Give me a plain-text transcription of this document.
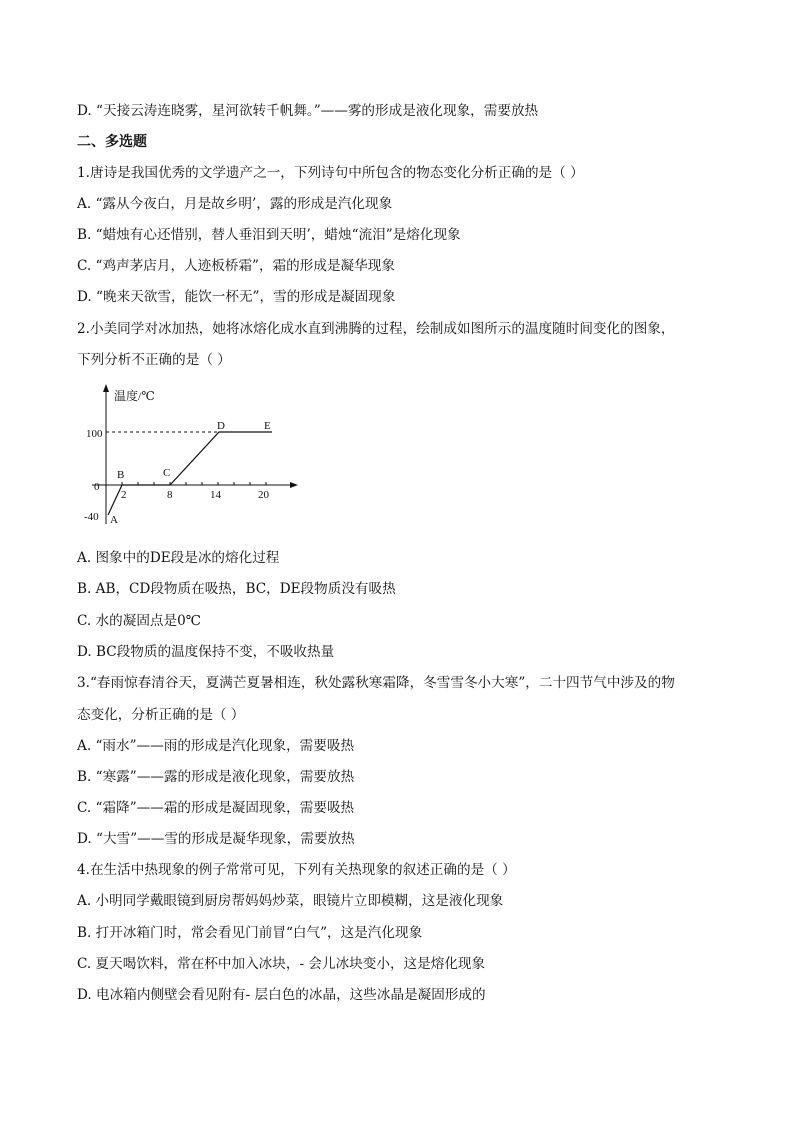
D. “天接云涛连晓雾，星河欲转千帆舞。”——雾的形成是液化现象，需要放热
二、多选题
1.唐诗是我国优秀的文学遗产之一，下列诗句中所包含的物态变化分析正确的是（ ）
A. “露从今夜白，月是故乡明’，露的形成是汽化现象
B. “蜡烛有心还惜别，替人垂泪到天明’，蜡烛“流泪”是熔化现象
C. “鸡声茅店月，人迹板桥霜”，霜的形成是凝华现象
D. “晚来天欲雪，能饮一杯无”，雪的形成是凝固现象
2.小美同学对冰加热，她将冰熔化成水直到沸腾的过程，绘制成如图所示的温度随时间变化的图象，
下列分析不正确的是（ ）
温度/℃
100
0
-40
2	8	14	20
A
B	C
D	E
A. 图象中的DE段是冰的熔化过程
B. AB，CD段物质在吸热，BC，DE段物质没有吸热
C. 水的凝固点是0℃
D. BC段物质的温度保持不变，不吸收热量
3.“春雨惊春清谷天，夏满芒夏暑相连，秋处露秋寒霜降，冬雪雪冬小大寒”，二十四节气中涉及的物
态变化，分析正确的是（ ）
A. “雨水”——雨的形成是汽化现象，需要吸热
B. “寒露”——露的形成是液化现象，需要放热
C. “霜降”——霜的形成是凝固现象，需要吸热
D. “大雪”——雪的形成是凝华现象，需要放热
4.在生活中热现象的例子常常可见，下列有关热现象的叙述正确的是（ ）
A. 小明同学戴眼镜到厨房帮妈妈炒菜，眼镜片立即模糊，这是液化现象
B. 打开冰箱门时，常会看见门前冒“白气”，这是汽化现象
C. 夏天喝饮料，常在杯中加入冰块，- 会儿冰块变小，这是熔化现象
D. 电冰箱内侧壁会看见附有- 层白色的冰晶，这些冰晶是凝固形成的
